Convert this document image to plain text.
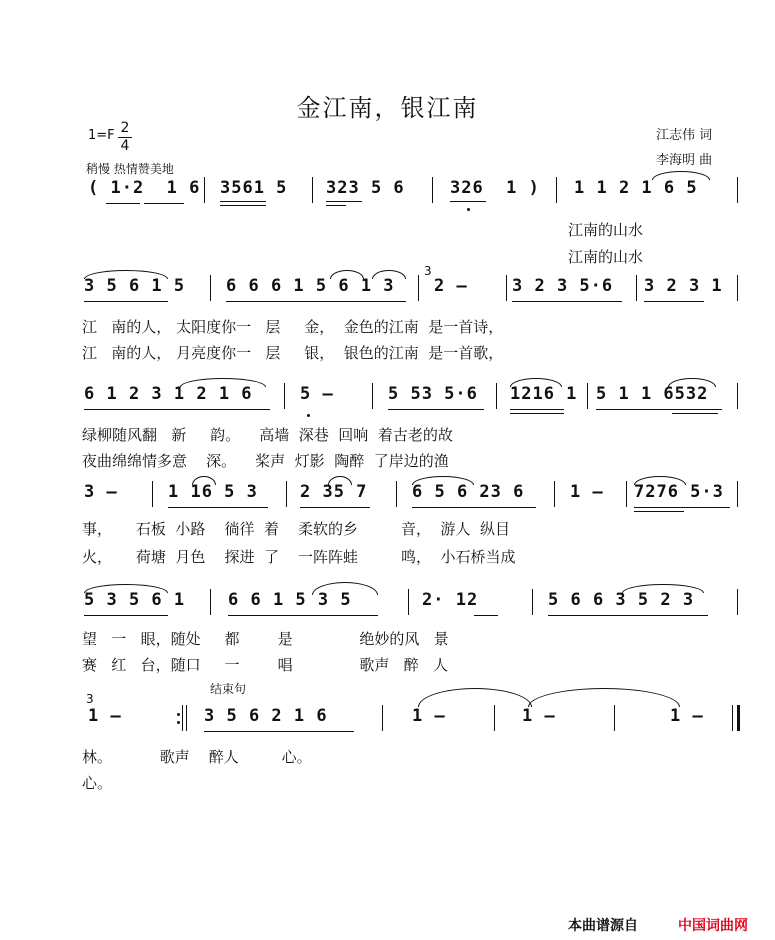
金江南，银江南
江志伟 词
李海明 曲
1=F 2
4
稍慢 热情赞美地
( 1·2  1 6 3561 5 323 5 6	326  1 ) 1 1 2 1 6 5
江南的山水
江南的山水
3 5 6 1 5 6 6 6 1 5 6 1 3
3
2 –	3 2 3 5·6 3 2 3 1
江   南的人， 太阳度你一   层     金，  金色的江南  是一首诗，
江   南的人， 月亮度你一   层     银，  银色的江南  是一首歌，
6 1 2 3 1 2 1 6	5 –	5 53 5·6 1216 1 5 1 1 6532
绿柳随风翻   新     韵。    高墙  深巷  回响  着古老的故
夜曲绵绵情多意    深。    桨声  灯影  陶醉  了岸边的渔
3 –	1 16 5 3 2 35 7	6 5 6 23 6	1 – 7276 5·3
事，     石板  小路    徜徉  着    柔软的乡         音，  游人  纵目
火，     荷塘  月色    探进  了    一阵阵蛙         鸣，  小石桥当成
5 3 5 6 1	6 6 1 5 3 5	2· 12	5 6 6 3 5 2 3
望   一   眼，随处     都        是              绝妙的风   景
赛   红   台，随口     一        唱              歌声   醉   人
结束句
3
1 –	3 5 6 2 1 6	1 –	1 –	1 –
林。          歌声    醉人         心。
心。
本曲谱源自	中国词曲网
